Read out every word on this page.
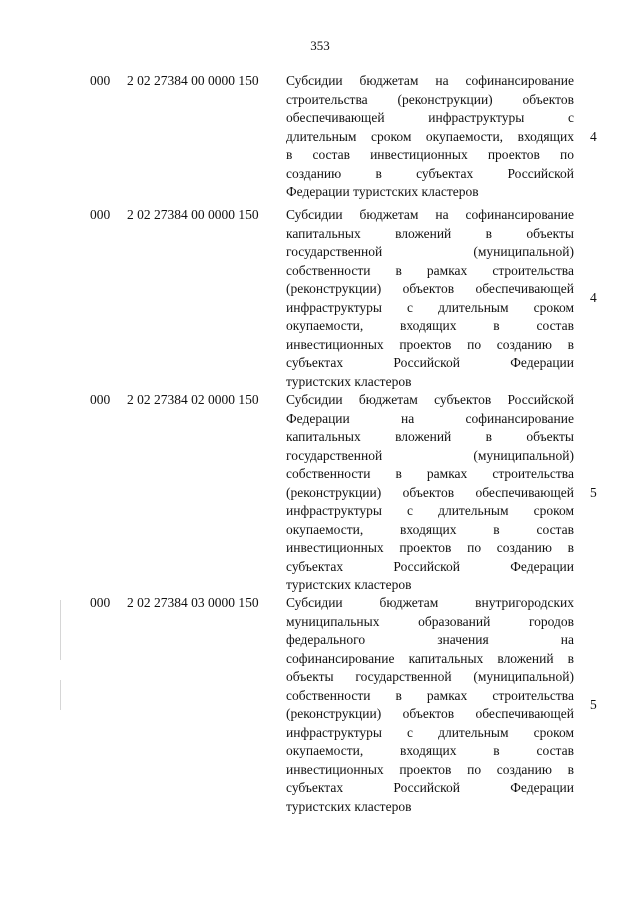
353
000 2 02 27384 00 0000 150 Субсидии бюджетам на софинансирование
строительства (реконструкции) объектов
обеспечивающей инфраструктуры с
длительным сроком окупаемости, входящих
в состав инвестиционных проектов по
созданию в субъектах Российской
Федерации туристских кластеров
4
000 2 02 27384 00 0000 150 Субсидии бюджетам на софинансирование
капитальных вложений в объекты
государственной (муниципальной)
собственности в рамках строительства
(реконструкции) объектов обеспечивающей
инфраструктуры с длительным сроком
окупаемости, входящих в состав
инвестиционных проектов по созданию в
субъектах Российской Федерации
туристских кластеров
4
000 2 02 27384 02 0000 150 Субсидии бюджетам субъектов Российской
Федерации на софинансирование
капитальных вложений в объекты
государственной (муниципальной)
собственности в рамках строительства
(реконструкции) объектов обеспечивающей
инфраструктуры с длительным сроком
окупаемости, входящих в состав
инвестиционных проектов по созданию в
субъектах Российской Федерации
туристских кластеров
5
000 2 02 27384 03 0000 150 Субсидии бюджетам внутригородских
муниципальных образований городов
федерального значения на
софинансирование капитальных вложений в
объекты государственной (муниципальной)
собственности в рамках строительства
(реконструкции) объектов обеспечивающей
инфраструктуры с длительным сроком
окупаемости, входящих в состав
инвестиционных проектов по созданию в
субъектах Российской Федерации
туристских кластеров
5
